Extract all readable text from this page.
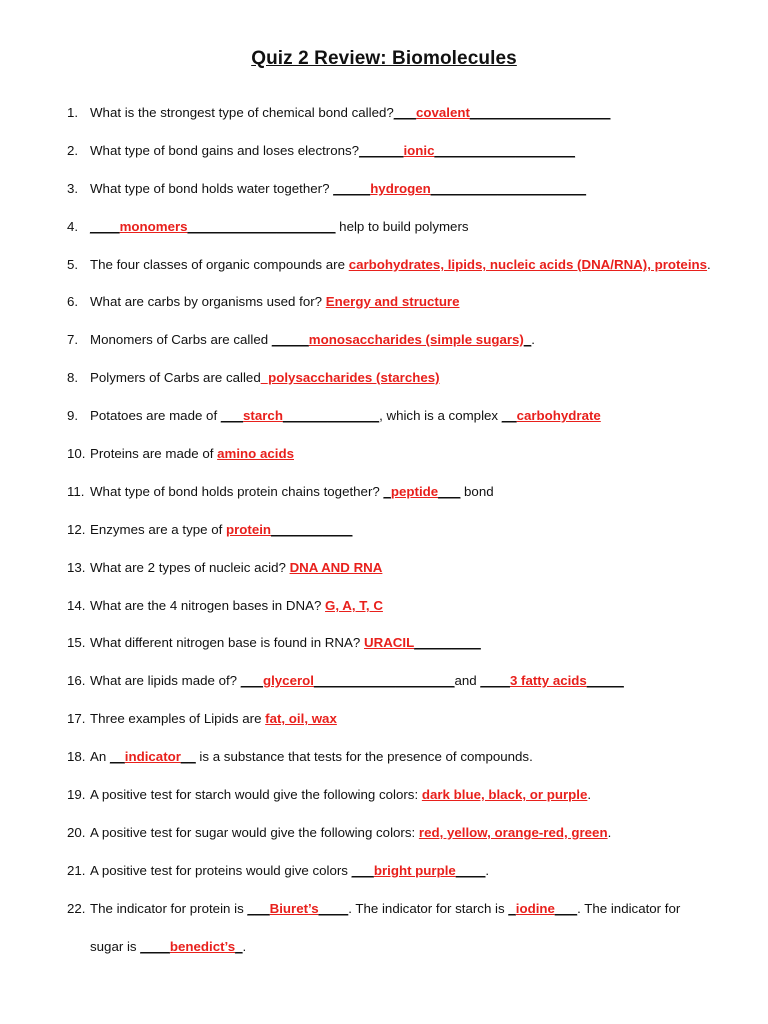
Quiz 2 Review: Biomolecules
1. What is the strongest type of chemical bond called?___covalent___________________
2. What type of bond gains and loses electrons?______ionic___________________
3. What type of bond holds water together? _____hydrogen_____________________
4. ____monomers____________________ help to build polymers
5. The four classes of organic compounds are carbohydrates, lipids, nucleic acids (DNA/RNA), proteins.
6. What are carbs by organisms used for? Energy and structure
7. Monomers of Carbs are called _____monosaccharides (simple sugars)_.
8. Polymers of Carbs are called_polysaccharides (starches)
9. Potatoes are made of ___starch_____________, which is a complex __carbohydrate
10. Proteins are made of amino acids
11. What type of bond holds protein chains together? _peptide___ bond
12. Enzymes are a type of protein___________
13. What are 2 types of nucleic acid? DNA AND RNA
14. What are the 4 nitrogen bases in DNA? G, A, T, C
15. What different nitrogen base is found in RNA? URACIL_________
16. What are lipids made of? ___glycerol___________________and ____3 fatty acids_____
17. Three examples of Lipids are fat, oil, wax
18. An __indicator__ is a substance that tests for the presence of compounds.
19. A positive test for starch would give the following colors: dark blue, black, or purple.
20. A positive test for sugar would give the following colors: red, yellow, orange-red, green.
21. A positive test for proteins would give colors ___bright purple____.
22. The indicator for protein is ___Biuret’s____. The indicator for starch is _iodine___. The indicator for
sugar is ____benedict’s_.
